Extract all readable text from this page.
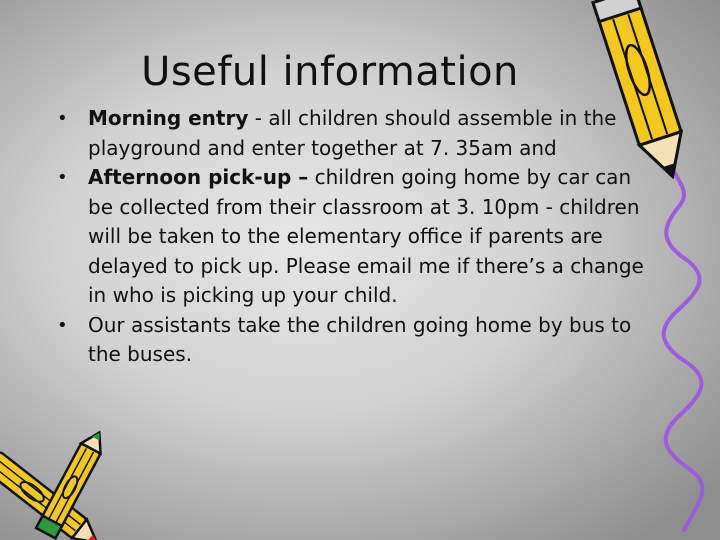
Useful information
• Morning entry - all children should assemble in the playground and enter together at 7. 35am and
• Afternoon pick-up – children going home by car can be collected from their classroom at 3. 10pm - children will be taken to the elementary office if parents are delayed to pick up. Please email me if there’s a change in who is picking up your child.
• Our assistants take the children going home by bus to the buses.
